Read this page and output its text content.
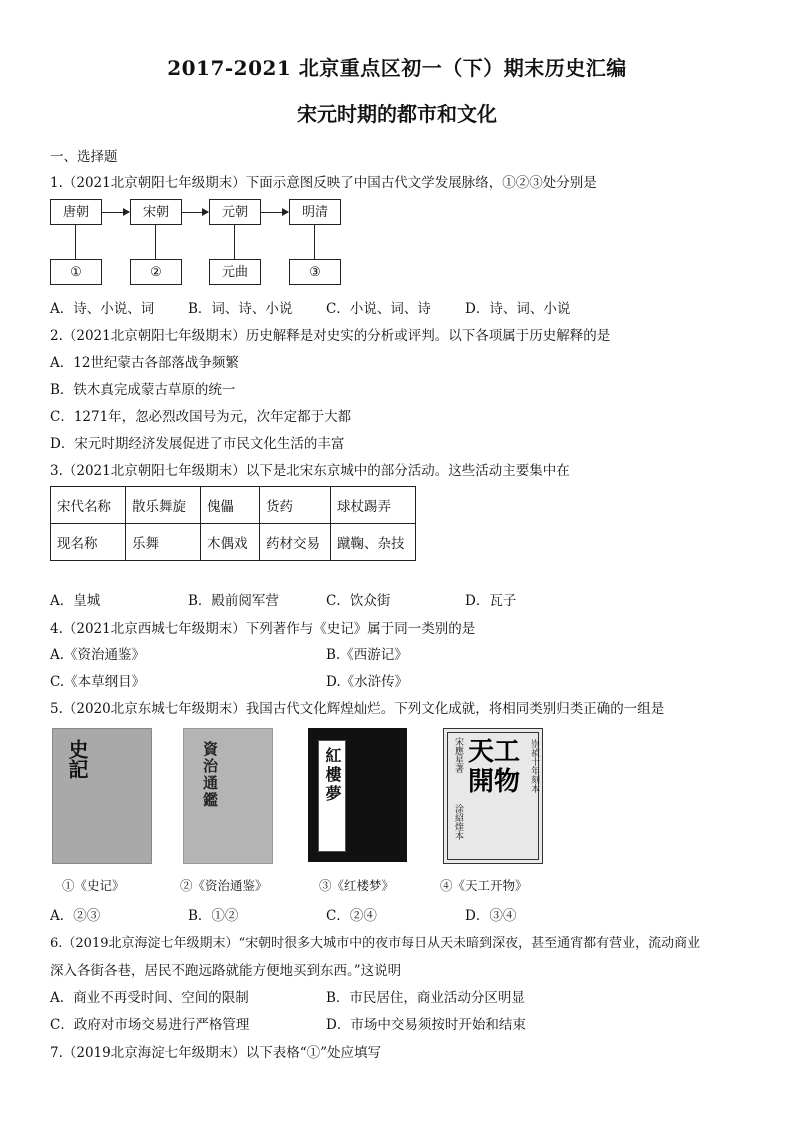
2017-2021 北京重点区初一（下）期末历史汇编
宋元时期的都市和文化
一、选择题
1.（2021北京朝阳七年级期末）下面示意图反映了中国古代文学发展脉络，①②③处分别是
唐朝	宋朝	元朝	明清
①	②	元曲	③
A．诗、小说、词	B．词、诗、小说 C．小说、词、诗	D．诗、词、小说
2.（2021北京朝阳七年级期末）历史解释是对史实的分析或评判。以下各项属于历史解释的是
A．12世纪蒙古各部落战争频繁
B．铁木真完成蒙古草原的统一
C．1271年，忽必烈改国号为元，次年定都于大都
D．宋元时期经济发展促进了市民文化生活的丰富
3.（2021北京朝阳七年级期末）以下是北宋东京城中的部分活动。这些活动主要集中在
宋代名称	散乐舞旋	傀儡	货药	球杖踢弄
现名称	乐舞	木偶戏	药材交易	蹴鞠、杂技
A．皇城	B．殿前阅军营	C．饮众街	D．瓦子
4.（2021北京西城七年级期末）下列著作与《史记》属于同一类别的是
A.《资治通鉴》	B.《西游记》
C.《本草纲目》	D.《水浒传》
5.（2020北京东城七年级期末）我国古代文化辉煌灿烂。下列文化成就，将相同类别归类正确的一组是
史記	資治通鑑	紅樓夢	宋應星著
涂紹煃本
天工開物 崇禎十年刻本
①《史记》	②《资治通鉴》	③《红楼梦》	④《天工开物》
A．②③	B．①②	C．②④	D．③④
6.（2019北京海淀七年级期末）“宋朝时很多大城市中的夜市每日从天未暗到深夜，甚至通宵都有营业，流动商业
深入各街各巷，居民不跑远路就能方便地买到东西。”这说明
A．商业不再受时间、空间的限制	B．市民居住，商业活动分区明显
C．政府对市场交易进行严格管理	D．市场中交易须按时开始和结束
7.（2019北京海淀七年级期末）以下表格“①”处应填写
